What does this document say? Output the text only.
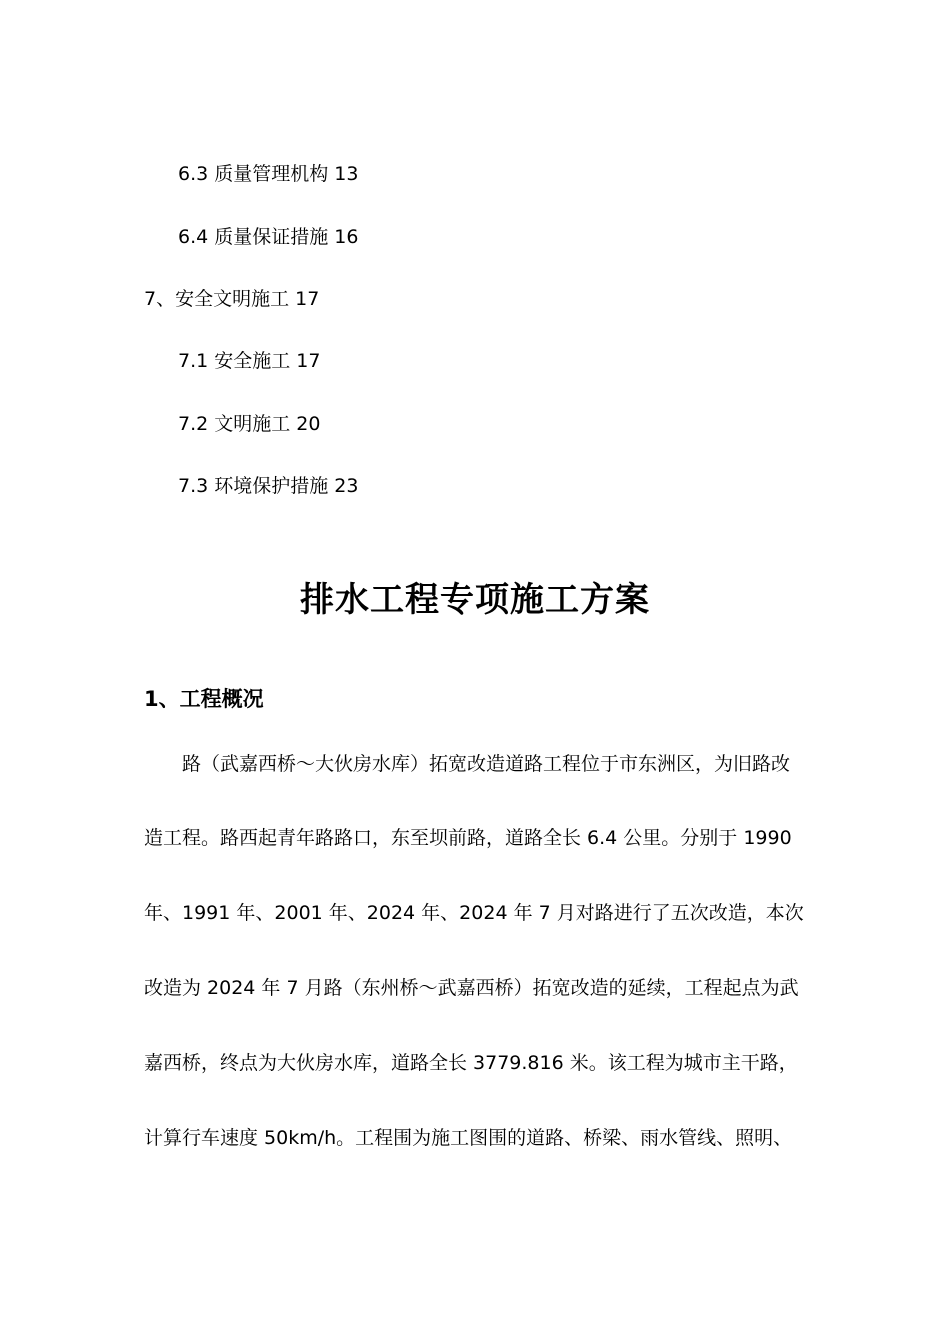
6.3 质量管理机构 13
6.4 质量保证措施 16
7、安全文明施工 17
7.1 安全施工 17
7.2 文明施工 20
7.3 环境保护措施 23
排水工程专项施工方案
1、工程概况
路（武嘉西桥～大伙房水库）拓宽改造道路工程位于市东洲区，为旧路改
造工程。路西起青年路路口，东至坝前路，道路全长 6.4 公里。分别于 1990
年、1991 年、2001 年、2024 年、2024 年 7 月对路进行了五次改造，本次
改造为 2024 年 7 月路（东州桥～武嘉西桥）拓宽改造的延续，工程起点为武
嘉西桥，终点为大伙房水库，道路全长 3779.816 米。该工程为城市主干路，
计算行车速度 50km/h。工程围为施工图围的道路、桥梁、雨水管线、照明、
